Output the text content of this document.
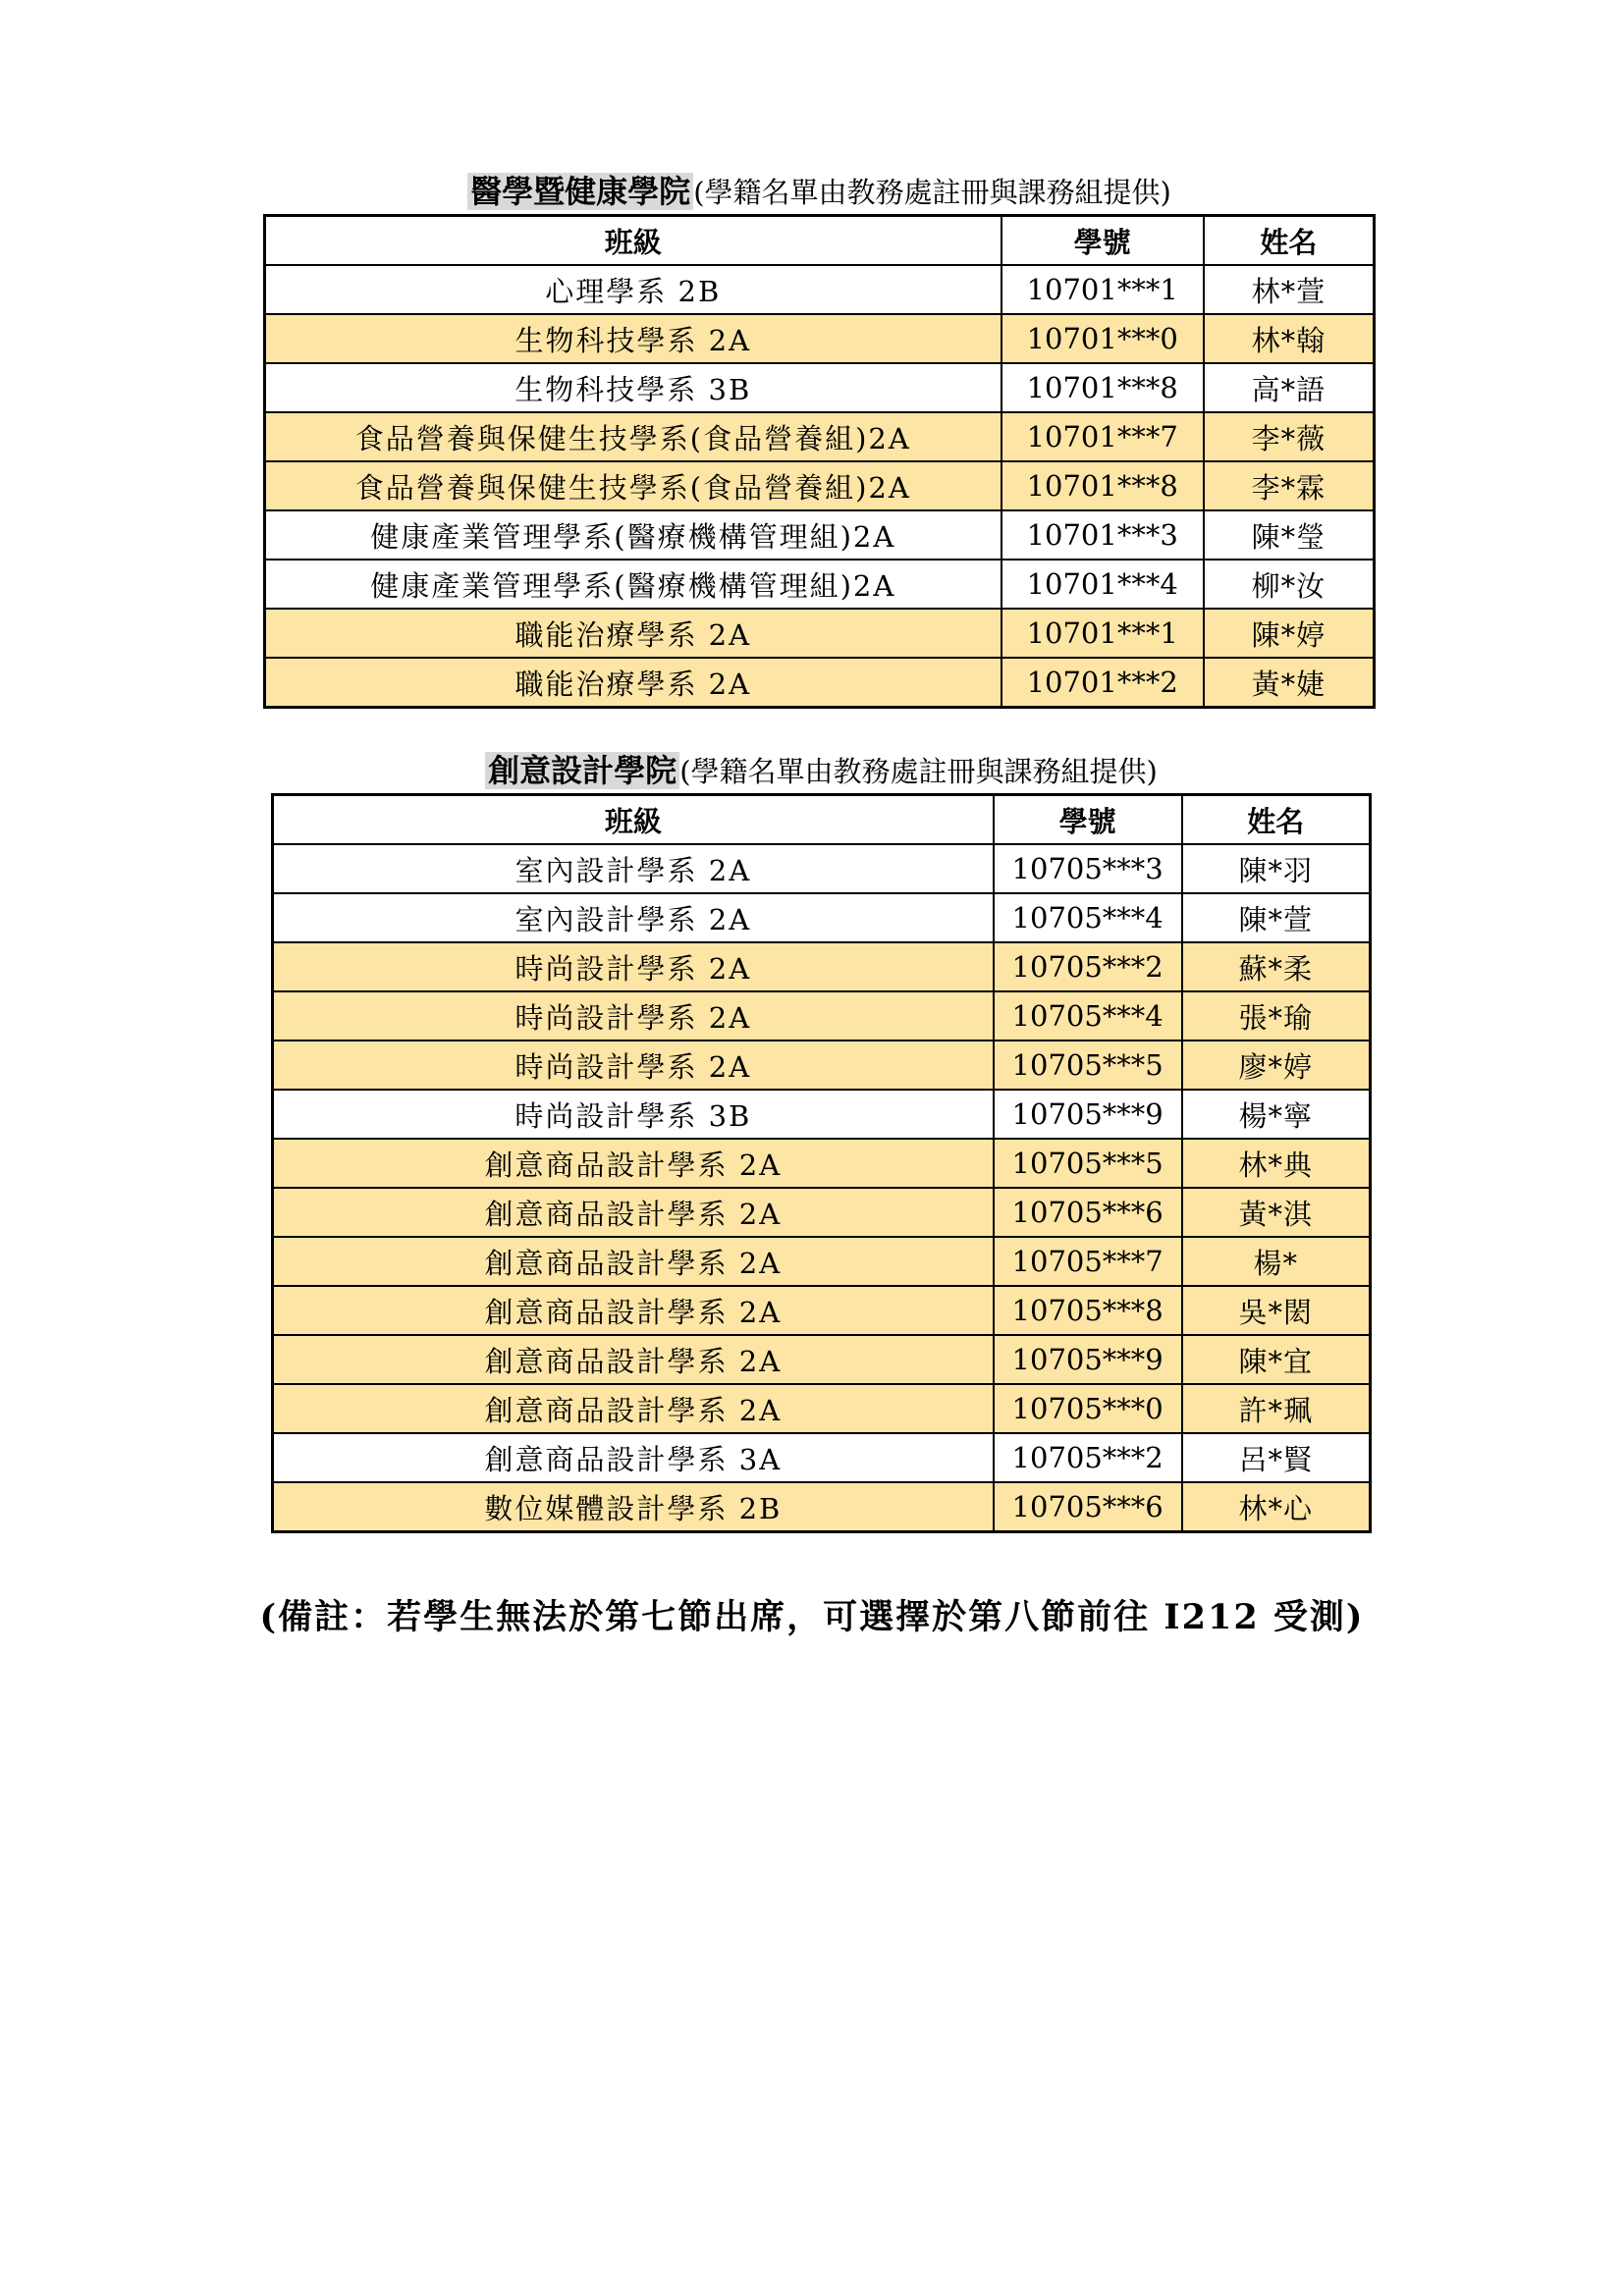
醫學暨健康學院 (學籍名單由教務處註冊與課務組提供)
班級	學號	姓名
心理學系 2B	10701***1	林*萱
生物科技學系 2A	10701***0	林*翰
生物科技學系 3B	10701***8	高*語
食品營養與保健生技學系(食品營養組)2A	10701***7	李*薇
食品營養與保健生技學系(食品營養組)2A	10701***8	李*霖
健康產業管理學系(醫療機構管理組)2A	10701***3	陳*瑩
健康產業管理學系(醫療機構管理組)2A	10701***4	柳*汝
職能治療學系 2A	10701***1	陳*婷
職能治療學系 2A	10701***2	黃*婕
創意設計學院 (學籍名單由教務處註冊與課務組提供)
班級	學號	姓名
室內設計學系 2A	10705***3	陳*羽
室內設計學系 2A	10705***4	陳*萱
時尚設計學系 2A	10705***2	蘇*柔
時尚設計學系 2A	10705***4	張*瑜
時尚設計學系 2A	10705***5	廖*婷
時尚設計學系 3B	10705***9	楊*寧
創意商品設計學系 2A	10705***5	林*典
創意商品設計學系 2A	10705***6	黃*淇
創意商品設計學系 2A	10705***7	楊*
創意商品設計學系 2A	10705***8	吳*閎
創意商品設計學系 2A	10705***9	陳*宜
創意商品設計學系 2A	10705***0	許*珮
創意商品設計學系 3A	10705***2	呂*賢
數位媒體設計學系 2B	10705***6	林*心
(備註：若學生無法於第七節出席，可選擇於第八節前往 I212 受測)
